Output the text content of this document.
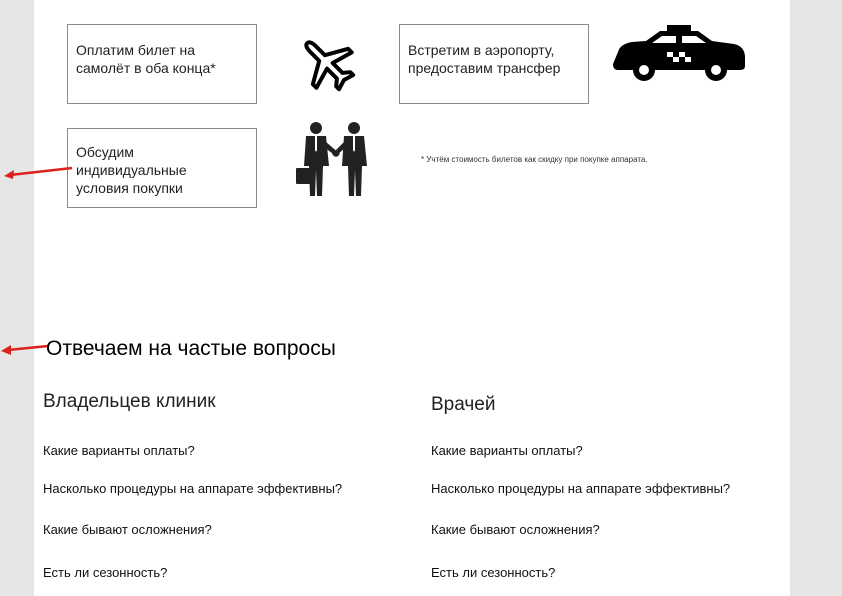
Оплатим билет на самолёт в оба конца*
Встретим в аэропорту, предоставим трансфер
Обсудим индивидуальные условия покупки
* Учтём стоимость билетов как скидку при покупке аппарата.
Отвечаем на частые вопросы
Владельцев клиник	Врачей
Какие варианты оплаты?
Насколько процедуры на аппарате эффективны?
Какие бывают осложнения?
Есть ли сезонность?
Какие варианты оплаты?
Насколько процедуры на аппарате эффективны?
Какие бывают осложнения?
Есть ли сезонность?
